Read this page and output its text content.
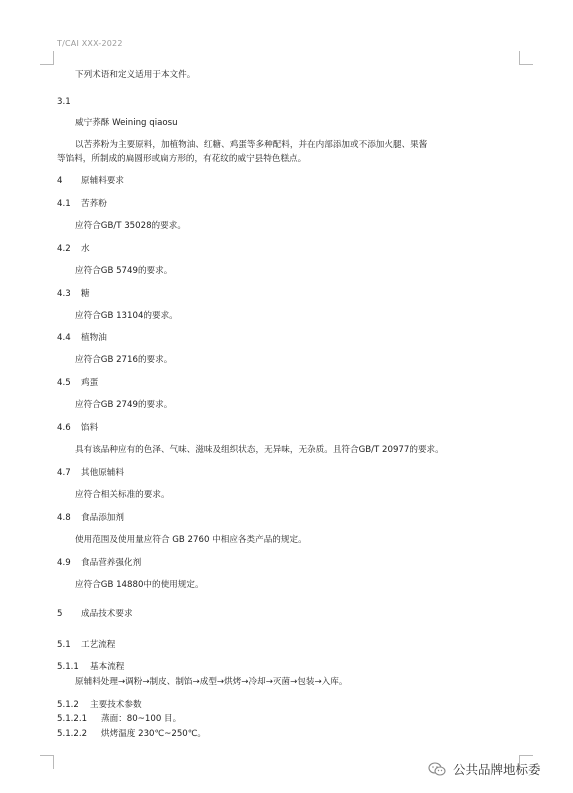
T/CAI XXX-2022
下列术语和定义适用于本文件。
3.1
威宁荞酥 Weining qiaosu
以苦荞粉为主要原料，加植物油、红糖、鸡蛋等多种配料，并在内部添加或不添加火腿、果酱
等馅料，所制成的扁圆形或扁方形的，有花纹的威宁县特色糕点。
4 原辅料要求
4.1 苦荞粉
应符合GB/T 35028的要求。
4.2 水
应符合GB 5749的要求。
4.3 糖
应符合GB 13104的要求。
4.4 植物油
应符合GB 2716的要求。
4.5 鸡蛋
应符合GB 2749的要求。
4.6 馅料
具有该品种应有的色泽、气味、滋味及组织状态，无异味，无杂质。且符合GB/T 20977的要求。
4.7 其他原辅料
应符合相关标准的要求。
4.8 食品添加剂
使用范围及使用量应符合 GB 2760 中相应各类产品的规定。
4.9 食品营养强化剂
应符合GB 14880中的使用规定。
5 成品技术要求
5.1 工艺流程
5.1.1 基本流程
原辅料处理→调粉→制皮、制馅→成型→烘烤→冷却→灭菌→包装→入库。
5.1.2 主要技术参数
5.1.2.1 蒸面：80~100 目。
5.1.2.2 烘烤温度 230℃~250℃。
公共品牌地标委
